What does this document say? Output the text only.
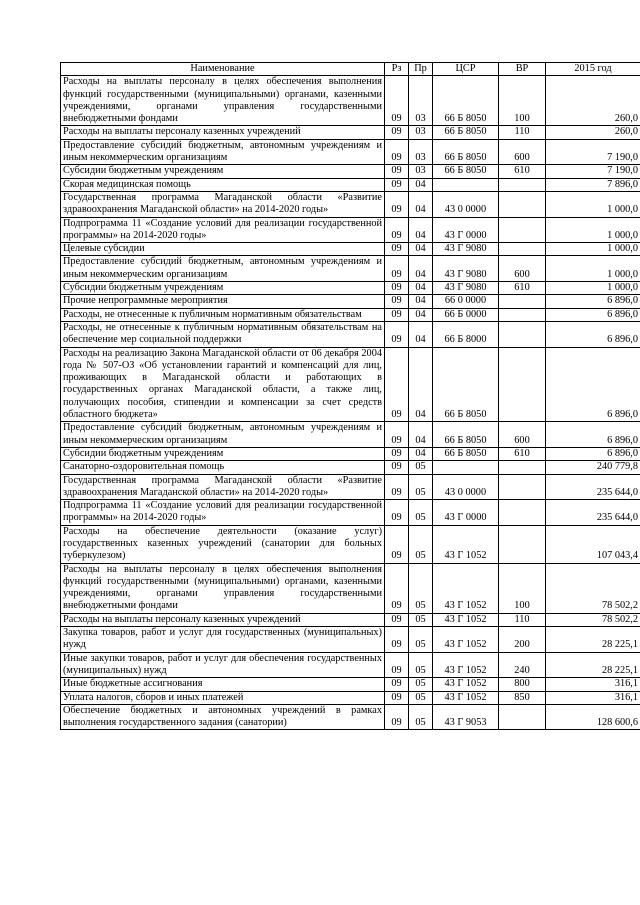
Наименование	Рз	Пр	ЦСР	ВР	2015 год
Расходы на выплаты персоналу в целях обеспечения выполнения функций государственными (муниципальными) органами, казенными учреждениями, органами управления государственными внебюджетными фондами	09	03	66 Б 8050	100	260,0
Расходы на выплаты персоналу казенных учреждений	09	03	66 Б 8050	110	260,0
Предоставление субсидий бюджетным, автономным учреждениям и иным некоммерческим организациям	09	03	66 Б 8050	600	7 190,0
Субсидии бюджетным учреждениям	09	03	66 Б 8050	610	7 190,0
Скорая медицинская помощь	09	04			7 896,0
Государственная программа Магаданской области «Развитие здравоохранения Магаданской области» на 2014-2020 годы»	09	04	43 0 0000		1 000,0
Подпрограмма 11 «Создание условий для реализации государственной программы» на 2014-2020 годы»	09	04	43 Г 0000		1 000,0
Целевые субсидии	09	04	43 Г 9080		1 000,0
Предоставление субсидий бюджетным, автономным учреждениям и иным некоммерческим организациям	09	04	43 Г 9080	600	1 000,0
Субсидии бюджетным учреждениям	09	04	43 Г 9080	610	1 000,0
Прочие непрограммные мероприятия	09	04	66 0 0000		6 896,0
Расходы, не отнесенные к публичным нормативным обязательствам	09	04	66 Б 0000		6 896,0
Расходы, не отнесенные к публичным нормативным обязательствам на обеспечение мер социальной поддержки	09	04	66 Б 8000		6 896,0
Расходы на реализацию Закона Магаданской области от 06 декабря 2004 года № 507-ОЗ «Об установлении гарантий и компенсаций для лиц, проживающих в Магаданской области и работающих в государственных органах Магаданской области, а также лиц, получающих пособия, стипендии и компенсации за счет средств областного бюджета»	09	04	66 Б 8050		6 896,0
Предоставление субсидий бюджетным, автономным учреждениям и иным некоммерческим организациям	09	04	66 Б 8050	600	6 896,0
Субсидии бюджетным учреждениям	09	04	66 Б 8050	610	6 896,0
Санаторно-оздоровительная помощь	09	05			240 779,8
Государственная программа Магаданской области «Развитие здравоохранения Магаданской области» на 2014-2020 годы»	09	05	43 0 0000		235 644,0
Подпрограмма 11 «Создание условий для реализации государственной программы» на 2014-2020 годы»	09	05	43 Г 0000		235 644,0
Расходы на обеспечение деятельности (оказание услуг) государственных казенных учреждений (санатории для больных туберкулезом)	09	05	43 Г 1052		107 043,4
Расходы на выплаты персоналу в целях обеспечения выполнения функций государственными (муниципальными) органами, казенными учреждениями, органами управления государственными внебюджетными фондами	09	05	43 Г 1052	100	78 502,2
Расходы на выплаты персоналу казенных учреждений	09	05	43 Г 1052	110	78 502,2
Закупка товаров, работ и услуг для государственных (муниципальных) нужд	09	05	43 Г 1052	200	28 225,1
Иные закупки товаров, работ и услуг для обеспечения государственных (муниципальных) нужд	09	05	43 Г 1052	240	28 225,1
Иные бюджетные ассигнования	09	05	43 Г 1052	800	316,1
Уплата налогов, сборов и иных платежей	09	05	43 Г 1052	850	316,1
Обеспечение бюджетных и автономных учреждений в рамках выполнения государственного задания (санатории)	09	05	43 Г 9053		128 600,6
